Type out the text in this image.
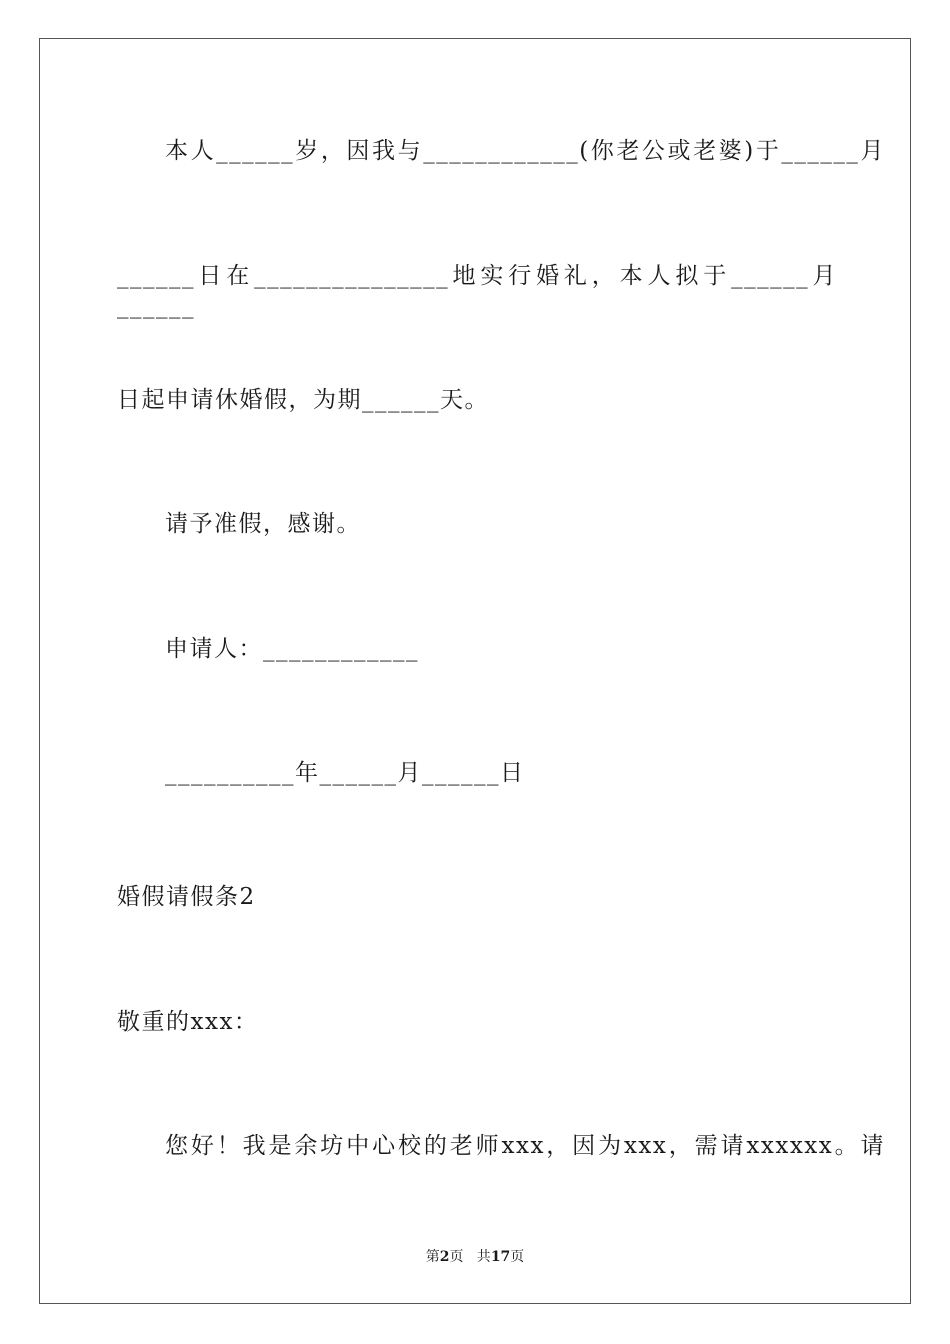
本人______岁，因我与____________(你老公或老婆)于______月
______日在_______________地实行婚礼，本人拟于______月______
日起申请休婚假，为期______天。
请予准假，感谢。
申请人：____________
__________年______月______日
婚假请假条2
敬重的xxx：
您好！我是余坊中心校的老师xxx，因为xxx，需请xxxxxx。请
第2页   共17页
